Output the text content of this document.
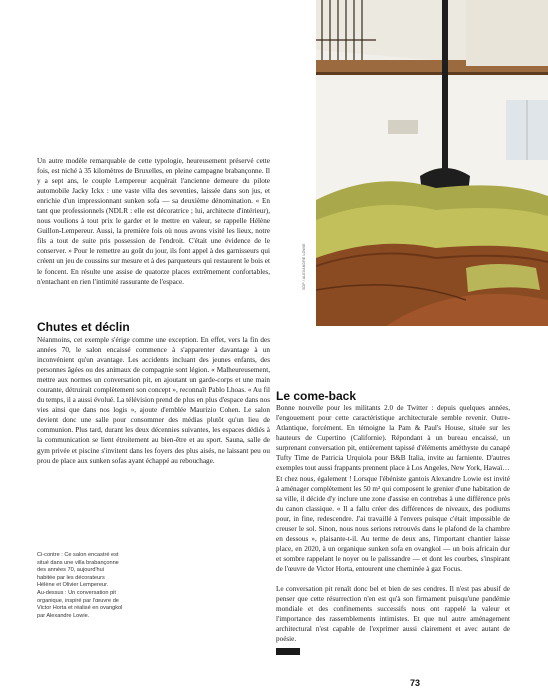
Un autre modèle remarquable de cette typologie, heureusement préservé cette fois, est niché à 35 kilomètres de Bruxelles, en pleine campagne brabançonne. Il y a sept ans, le couple Lempereur acquérait l'ancienne demeure du pilote automobile Jacky Ickx : une vaste villa des seventies, laissée dans son jus, et enrichie d'un impressionnant sunken sofa — sa deuxième dénomination. « En tant que professionnels (NDLR : elle est décoratrice ; lui, architecte d'intérieur), nous voulions à tout prix le garder et le mettre en valeur, se rappelle Hélène Guillon-Lempereur. Aussi, la première fois où nous avons visité les lieux, notre fils a tout de suite pris possession de l'endroit. C'était une évidence de le conserver. » Pour le remettre au goût du jour, ils font appel à des garnisseurs qui créent un jeu de coussins sur mesure et à des parqueteurs qui restaurent le bois et le foncent. En résulte une assise de quatorze places extrêmement confortables, n'entachant en rien l'intimité rassurante de l'espace.

Chutes et déclin

Néanmoins, cet exemple s'érige comme une exception. En effet, vers la fin des années 70, le salon encaissé commence à s'apparenter davantage à un inconvénient qu'un avantage. Les accidents incluant des jeunes enfants, des personnes âgées ou des animaux de compagnie sont légion. « Malheureusement, mettre aux normes un conversation pit, en ajoutant un garde-corps et une main courante, détruirait complètement son concept », reconnaît Pablo Lhoas. « Au fil du temps, il a aussi évolué. La télévision prend de plus en plus d'espace dans nos vies ainsi que dans nos logis », ajoute d'emblée Maurizio Cohen. Le salon devient donc une salle pour consommer des médias plutôt qu'un lieu de communion. Plus tard, durant les deux décennies suivantes, les espaces dédiés à la communication se lient étroitement au bien-être et au sport. Sauna, salle de gym privée et piscine s'invitent dans les foyers des plus aisés, ne laissant peu ou prou de place aux sunken sofas ayant échappé au rebouchage.

Le come-back

Bonne nouvelle pour les militants 2.0 de Twitter : depuis quelques années, l'engouement pour cette caractéristique architecturale semble revenir. Outre-Atlantique, forcément. En témoigne la Pam & Paul's House, située sur les hauteurs de Cupertino (Californie). Répondant à un bureau encaissé, un surprenant conversation pit, entièrement tapissé d'éléments améthyste du canapé Tufty Time de Patricia Urquiola pour B&B Italia, invite au farniente. D'autres exemples tout aussi frappants prennent place à Los Angeles, New York, Hawaï…

Et chez nous, également ! Lorsque l'ébéniste gantois Alexandre Lowie est invité à aménager complètement les 50 m² qui composent le grenier d'une habitation de sa ville, il décide d'y inclure une zone d'assise en contrebas à une différence près du canon classique. « Il a fallu créer des différences de niveaux, des podiums pour, in fine, redescendre. J'ai travaillé à l'envers puisque c'était impossible de creuser le sol. Sinon, nous nous serions retrouvés dans le plafond de la chambre en dessous », plaisante-t-il. Au terme de deux ans, l'important chantier laisse place, en 2020, à un organique sunken sofa en ovangkol — un bois africain dur et sombre rappelant le noyer ou le palissandre — et dont les courbes, s'inspirant de l'œuvre de Victor Horta, entourent une cheminée à gaz Focus.

Le conversation pit renaît donc bel et bien de ses cendres. Il n'est pas abusif de penser que cette résurrection n'en est qu'à son firmament puisqu'une pandémie mondiale et des confinements successifs nous ont rappelé la valeur et l'importance des rassemblements intimistes. Et que nul autre aménagement architectural n'est capable de l'exprimer aussi clairement et avec autant de poésie.

Ci-contre : Ce salon encastré est situé dans une villa brabançonne des années 70, aujourd'hui habitée par les décorateurs Hélène et Olivier Lempereur.
Au-dessus : Un conversation pit organique, inspiré par l'œuvre de Victor Horta et réalisé en ovangkol par Alexandre Lowie.
SDP / ALEXANDRE LOWIE
73
